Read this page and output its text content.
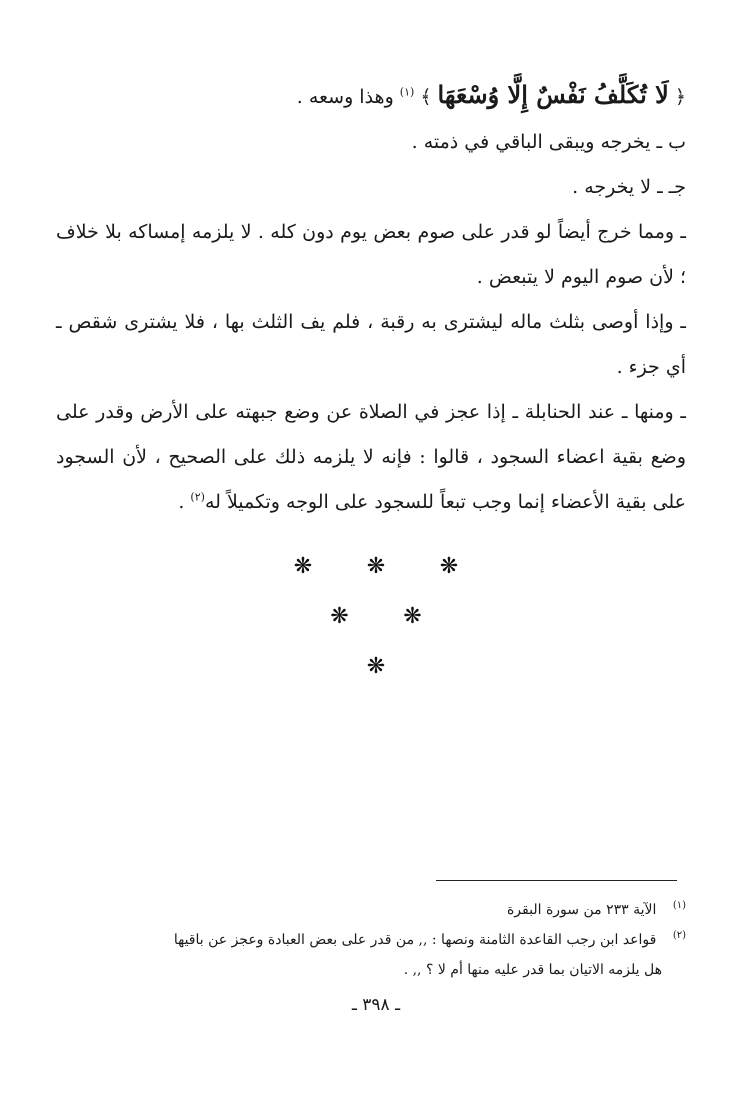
﴿ لَا تُكَلَّفُ نَفْسٌ إِلَّا وُسْعَهَا ﴾ $^{(١)}$ وهذا وسعه .

ب ـ يخرجه ويبقى الباقي في ذمته .

جـ ـ لا يخرجه .

ـ ومما خرج أيضاً لو قدر على صوم بعض يوم دون كله . لا يلزمه إمساكه بلا خلاف ؛ لأن صوم اليوم لا يتبعض .

ـ وإذا أوصى بثلث ماله ليشترى به رقبة ، فلم يف الثلث بها ، فلا يشترى شقص ـ أي جزء .

ـ ومنها ـ عند الحنابلة ـ إذا عجز في الصلاة عن وضع جبهته على الأرض وقدر على وضع بقية اعضاء السجود ، قالوا : فإنه لا يلزمه ذلك على الصحيح ، لأن السجود على بقية الأعضاء إنما وجب تبعاً للسجود على الوجه وتكميلاً له$^{(٢)}$ .

❋ ❋ ❋
❋ ❋
❋

$^{(١)}$ الآية ٢٣٣ من سورة البقرة

$^{(٢)}$ قواعد ابن رجب القاعدة الثامنة ونصها : ,, من قدر على بعض العبادة وعجز عن باقيها

هل يلزمه الاتيان بما قدر عليه منها أم لا ؟ ,, .

ـ ٣٩٨ ـ
